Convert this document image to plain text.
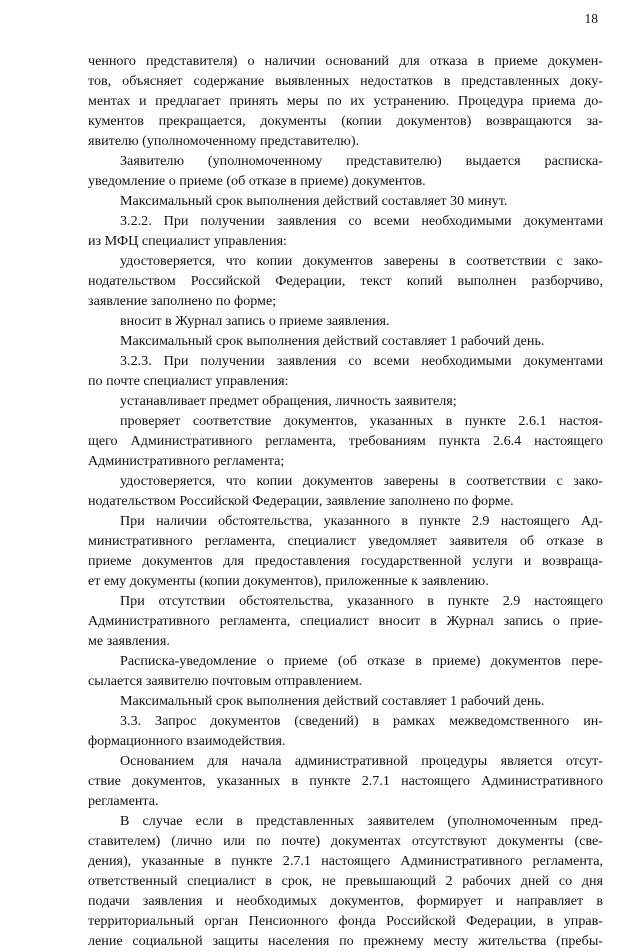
18
ченного представителя) о наличии оснований для отказа в приеме докумен-
тов, объясняет содержание выявленных недостатков в представленных доку-
ментах и предлагает принять меры по их устранению. Процедура приема до-
кументов прекращается, документы (копии документов) возвращаются за-
явителю (уполномоченному представителю).
Заявителю (уполномоченному представителю) выдается расписка-
уведомление о приеме (об отказе в приеме) документов.
Максимальный срок выполнения действий составляет 30 минут.
3.2.2. При получении заявления со всеми необходимыми документами
из МФЦ специалист управления:
удостоверяется, что копии документов заверены в соответствии с зако-
нодательством Российской Федерации, текст копий выполнен разборчиво,
заявление заполнено по форме;
вносит в Журнал запись о приеме заявления.
Максимальный срок выполнения действий составляет 1 рабочий день.
3.2.3. При получении заявления со всеми необходимыми документами
по почте специалист управления:
устанавливает предмет обращения, личность заявителя;
проверяет соответствие документов, указанных в пункте 2.6.1 настоя-
щего Административного регламента, требованиям пункта 2.6.4 настоящего
Административного регламента;
удостоверяется, что копии документов заверены в соответствии с зако-
нодательством Российской Федерации, заявление заполнено по форме.
При наличии обстоятельства, указанного в пункте 2.9 настоящего Ад-
министративного регламента, специалист уведомляет заявителя об отказе в
приеме документов для предоставления государственной услуги и возвраща-
ет ему документы (копии документов), приложенные к заявлению.
При отсутствии обстоятельства, указанного в пункте 2.9 настоящего
Административного регламента, специалист вносит в Журнал запись о прие-
ме заявления.
Расписка-уведомление о приеме (об отказе в приеме) документов пере-
сылается заявителю почтовым отправлением.
Максимальный срок выполнения действий составляет 1 рабочий день.
3.3. Запрос документов (сведений) в рамках межведомственного ин-
формационного взаимодействия.
Основанием для начала административной процедуры является отсут-
ствие документов, указанных в пункте 2.7.1 настоящего Административного
регламента.
В случае если в представленных заявителем (уполномоченным пред-
ставителем) (лично или по почте) документах отсутствуют документы (све-
дения), указанные в пункте 2.7.1 настоящего Административного регламента,
ответственный специалист в срок, не превышающий 2 рабочих дней со дня
подачи заявления и необходимых документов, формирует и направляет в
территориальный орган Пенсионного фонда Российской Федерации, в управ-
ление социальной защиты населения по прежнему месту жительства (пребы-
